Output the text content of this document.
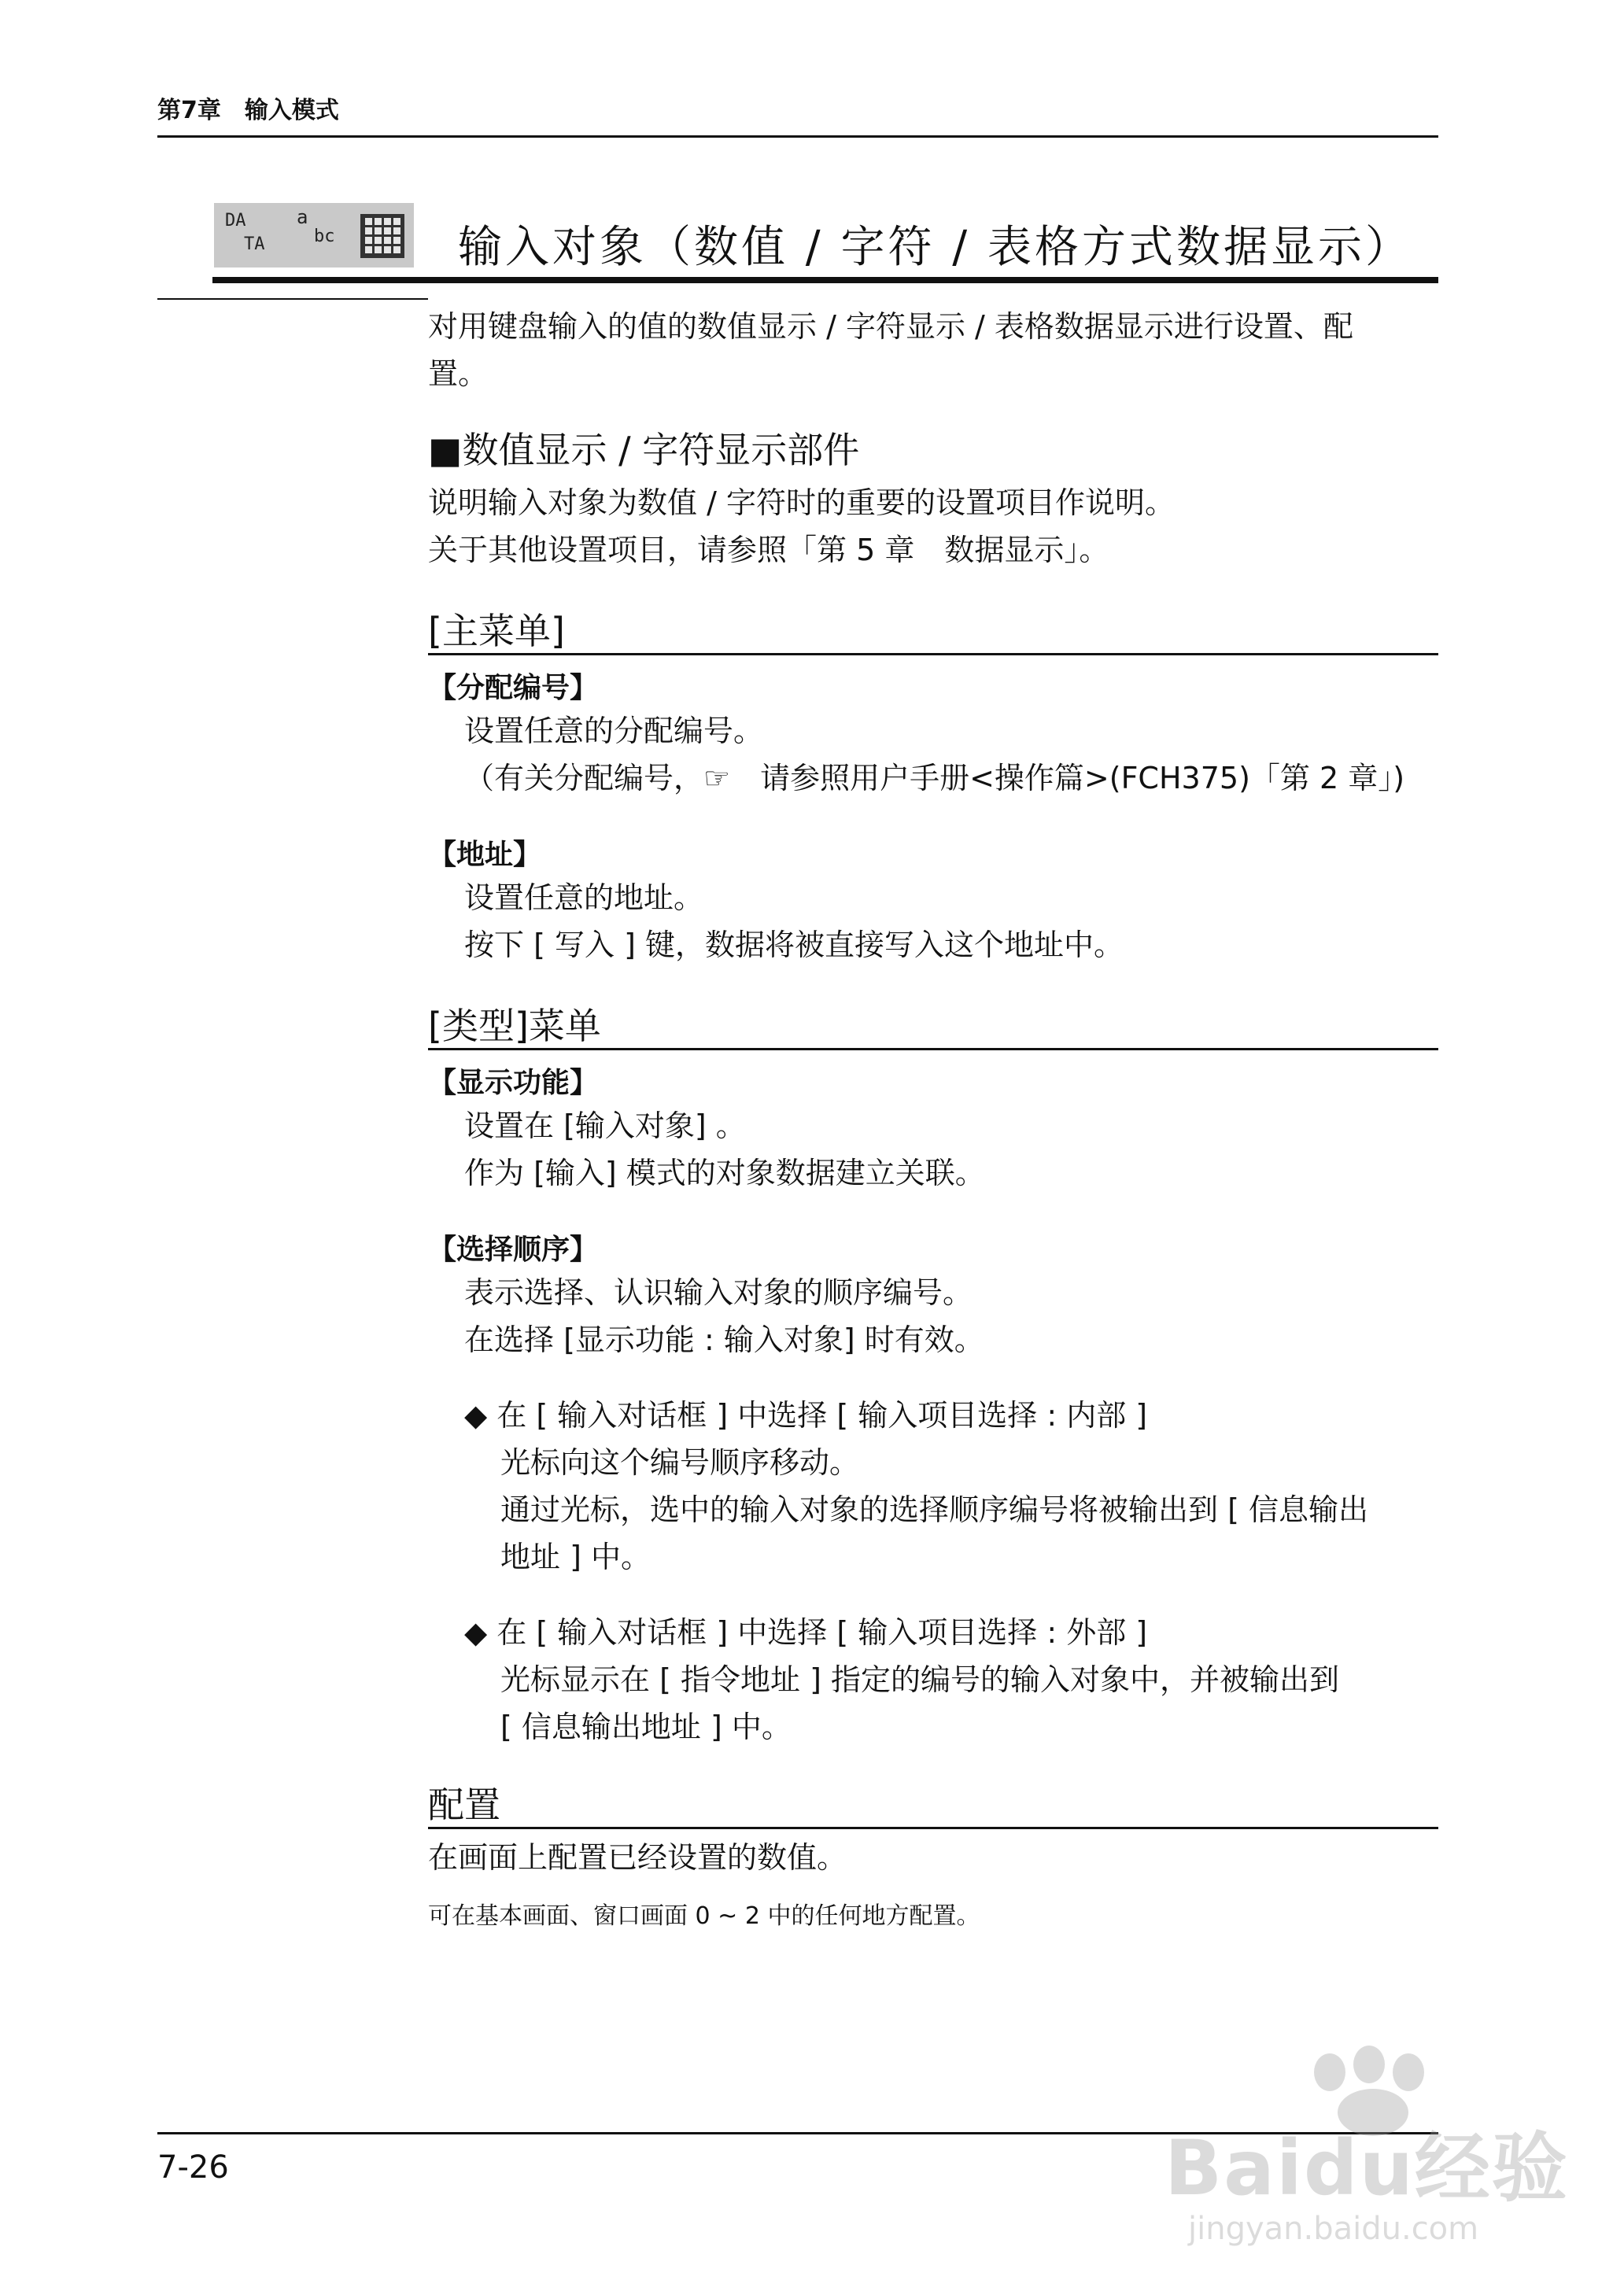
第7章　输入模式
DA
TA
a
bc	输入对象（数值 / 字符 / 表格方式数据显示）
对用键盘输入的值的数值显示 / 字符显示 / 表格数据显示进行设置、配
置。
■数值显示 / 字符显示部件
说明输入对象为数值 / 字符时的重要的设置项目作说明。
关于其他设置项目，请参照「第 5 章　数据显示」。
[主菜单]
【分配编号】
设置任意的分配编号。
（有关分配编号，☞　请参照用户手册<操作篇>(FCH375)「第 2 章」)
【地址】
设置任意的地址。
按下 [ 写入 ] 键，数据将被直接写入这个地址中。
[类型]菜单
【显示功能】
设置在 [输入对象] 。
作为 [输入] 模式的对象数据建立关联。
【选择顺序】
表示选择、认识输入对象的顺序编号。
在选择 [显示功能 : 输入对象] 时有效。
◆ 在 [ 输入对话框 ] 中选择 [ 输入项目选择 : 内部 ]
光标向这个编号顺序移动。
通过光标，选中的输入对象的选择顺序编号将被输出到 [ 信息输出
地址 ] 中。
◆ 在 [ 输入对话框 ] 中选择 [ 输入项目选择 : 外部 ]
光标显示在 [ 指令地址 ] 指定的编号的输入对象中，并被输出到
[ 信息输出地址 ] 中。
配置
在画面上配置已经设置的数值。
可在基本画面、窗口画面 0 ~ 2 中的任何地方配置。
7-26	Baidu经验
jingyan.baidu.com
